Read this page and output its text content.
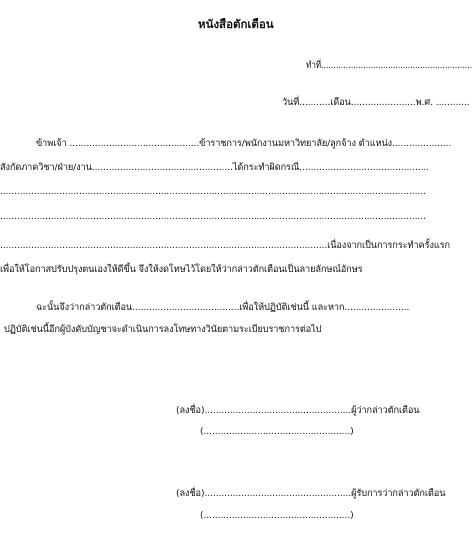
หนังสือตักเตือน
ทำที่.............................................................
วันที่...........เดือน.......................พ.ศ. ............
ข้าพเจ้า ..............................................ข้าราชการ/พนักงานมหาวิทยาลัย/ลูกจ้าง ตำแหน่ง.....................
สังกัดภาควิชา/ฝ่าย/งาน..................................................ได้กระทำผิดกรณี..............................................
.......................................................................................................................................................
.......................................................................................................................................................
....................................................................................................................เนื่องจากเป็นการกระทำครั้งแรก
เพื่อให้โอกาสปรับปรุงตนเองให้ดีขึ้น จึงให้งดโทษไว้โดยให้ว่ากล่าวตักเตือนเป็นลายลักษณ์อักษร
ฉะนั้นจึงว่ากล่าวตักเตือน......................................เพื่อให้ปฏิบัติเช่นนี้ และหาก.......................
ปฏิบัติเช่นนี้อีกผู้บังคับบัญชาจะดำเนินการลงโทษทางวินัยตามระเบียบราชการต่อไป
(ลงชื่อ)....................................................ผู้ว่ากล่าวตักเตือน
(....................................................)
(ลงชื่อ)....................................................ผู้รับการว่ากล่าวตักเตือน
(....................................................)
